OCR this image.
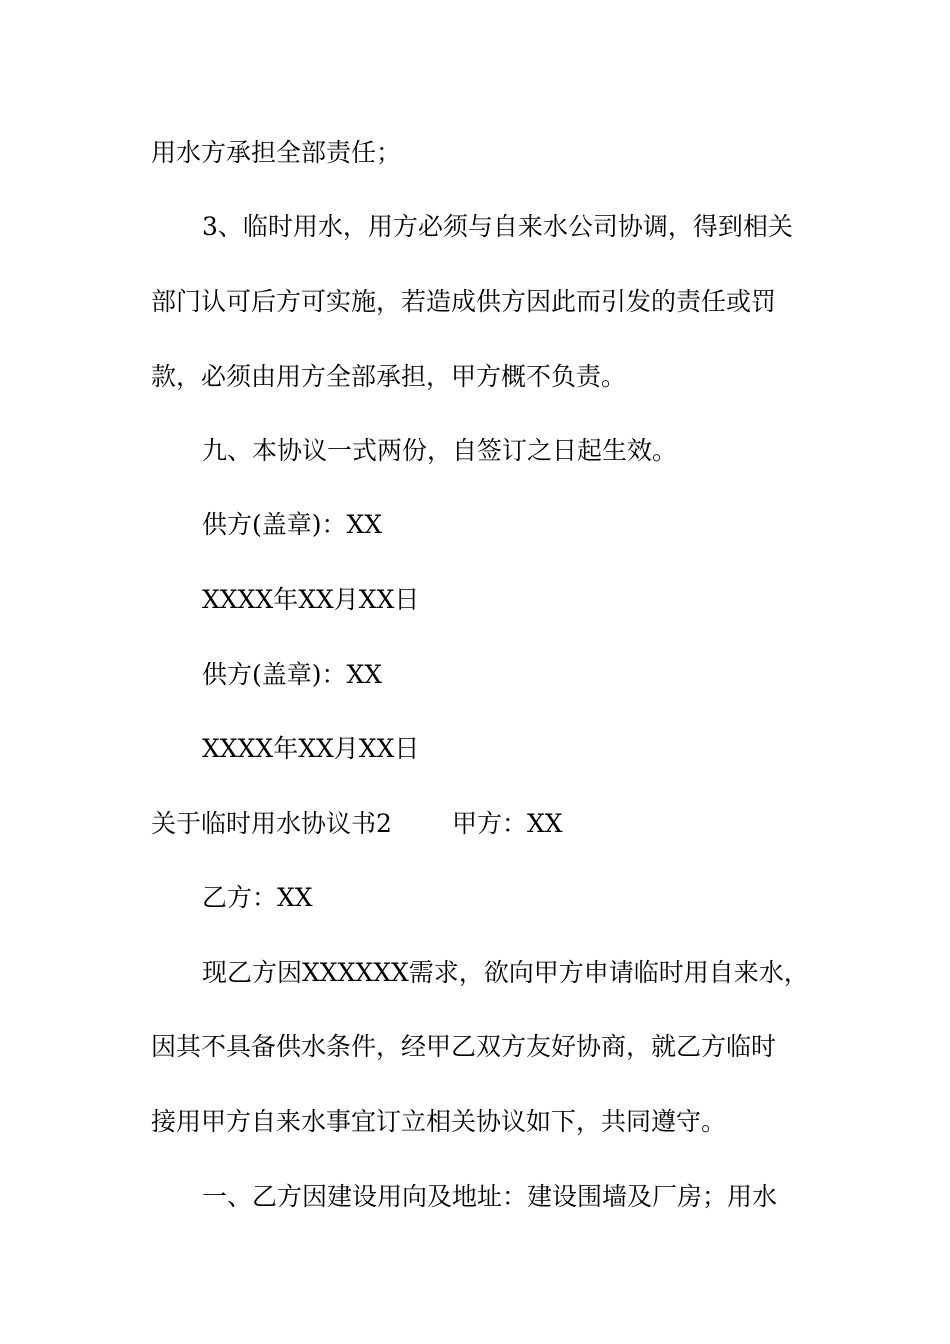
用水方承担全部责任；
3、临时用水，用方必须与自来水公司协调，得到相关
部门认可后方可实施，若造成供方因此而引发的责任或罚
款，必须由用方全部承担，甲方概不负责。
九、本协议一式两份，自签订之日起生效。
供方(盖章)：XX
XXXX年XX月XX日
供方(盖章)：XX
XXXX年XX月XX日
关于临时用水协议书2 甲方：XX
乙方：XX
现乙方因XXXXXX需求，欲向甲方申请临时用自来水，
因其不具备供水条件，经甲乙双方友好协商，就乙方临时
接用甲方自来水事宜订立相关协议如下，共同遵守。
一、乙方因建设用向及地址：建设围墙及厂房；用水
